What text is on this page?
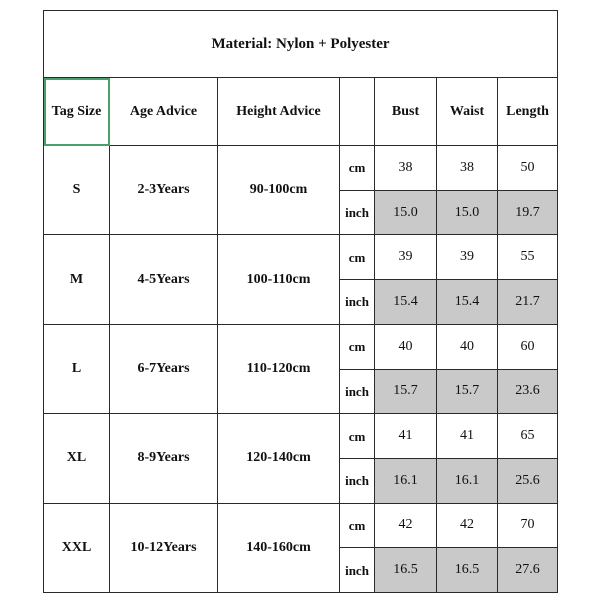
Material: Nylon + Polyester						
Tag Size	Age Advice	Height Advice		Bust	Waist	Length
S	2-3Years	90-100cm	cm	38	38	50
			inch	15.0	15.0	19.7
M	4-5Years	100-110cm	cm	39	39	55
			inch	15.4	15.4	21.7
L	6-7Years	110-120cm	cm	40	40	60
			inch	15.7	15.7	23.6
XL	8-9Years	120-140cm	cm	41	41	65
			inch	16.1	16.1	25.6
XXL	10-12Years	140-160cm	cm	42	42	70
			inch	16.5	16.5	27.6
